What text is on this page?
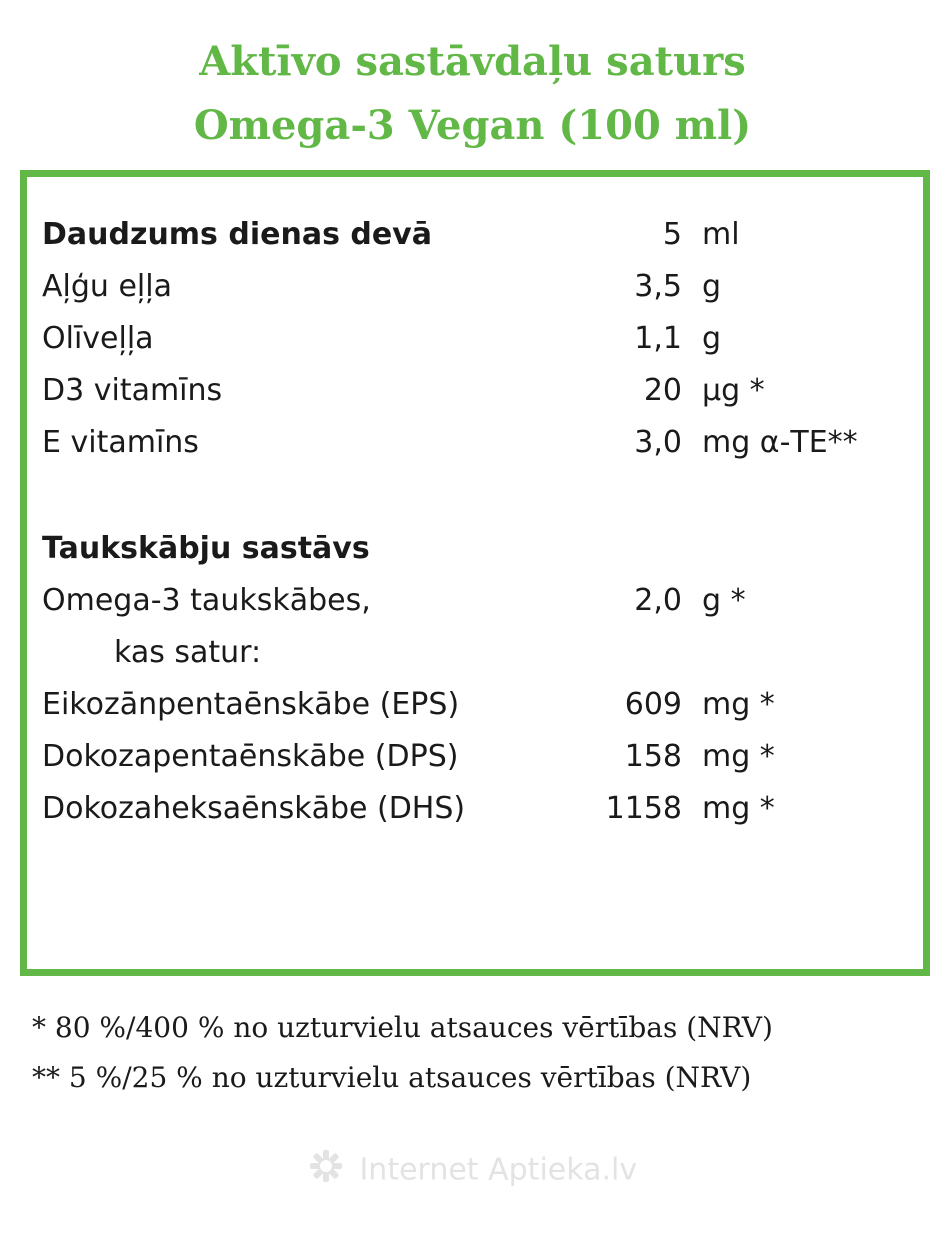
Aktīvo sastāvdaļu saturs
Omega-3 Vegan (100 ml)
Daudzums dienas devā	5 ml
Aļģu eļļa	3,5 g
Olīveļļa	1,1 g
D3 vitamīns	20 µg *
E vitamīns	3,0 mg α-TE**
Taukskābju sastāvs
Omega-3 taukskābes,	2,0 g *
kas satur:
Eikozānpentaēnskābe (EPS)	609 mg *
Dokozapentaēnskābe (DPS)	158 mg *
Dokozaheksaēnskābe (DHS)	1158 mg *
* 80 %/400 % no uzturvielu atsauces vērtības (NRV)
** 5 %/25 % no uzturvielu atsauces vērtības (NRV)
Internet Aptieka.lv
